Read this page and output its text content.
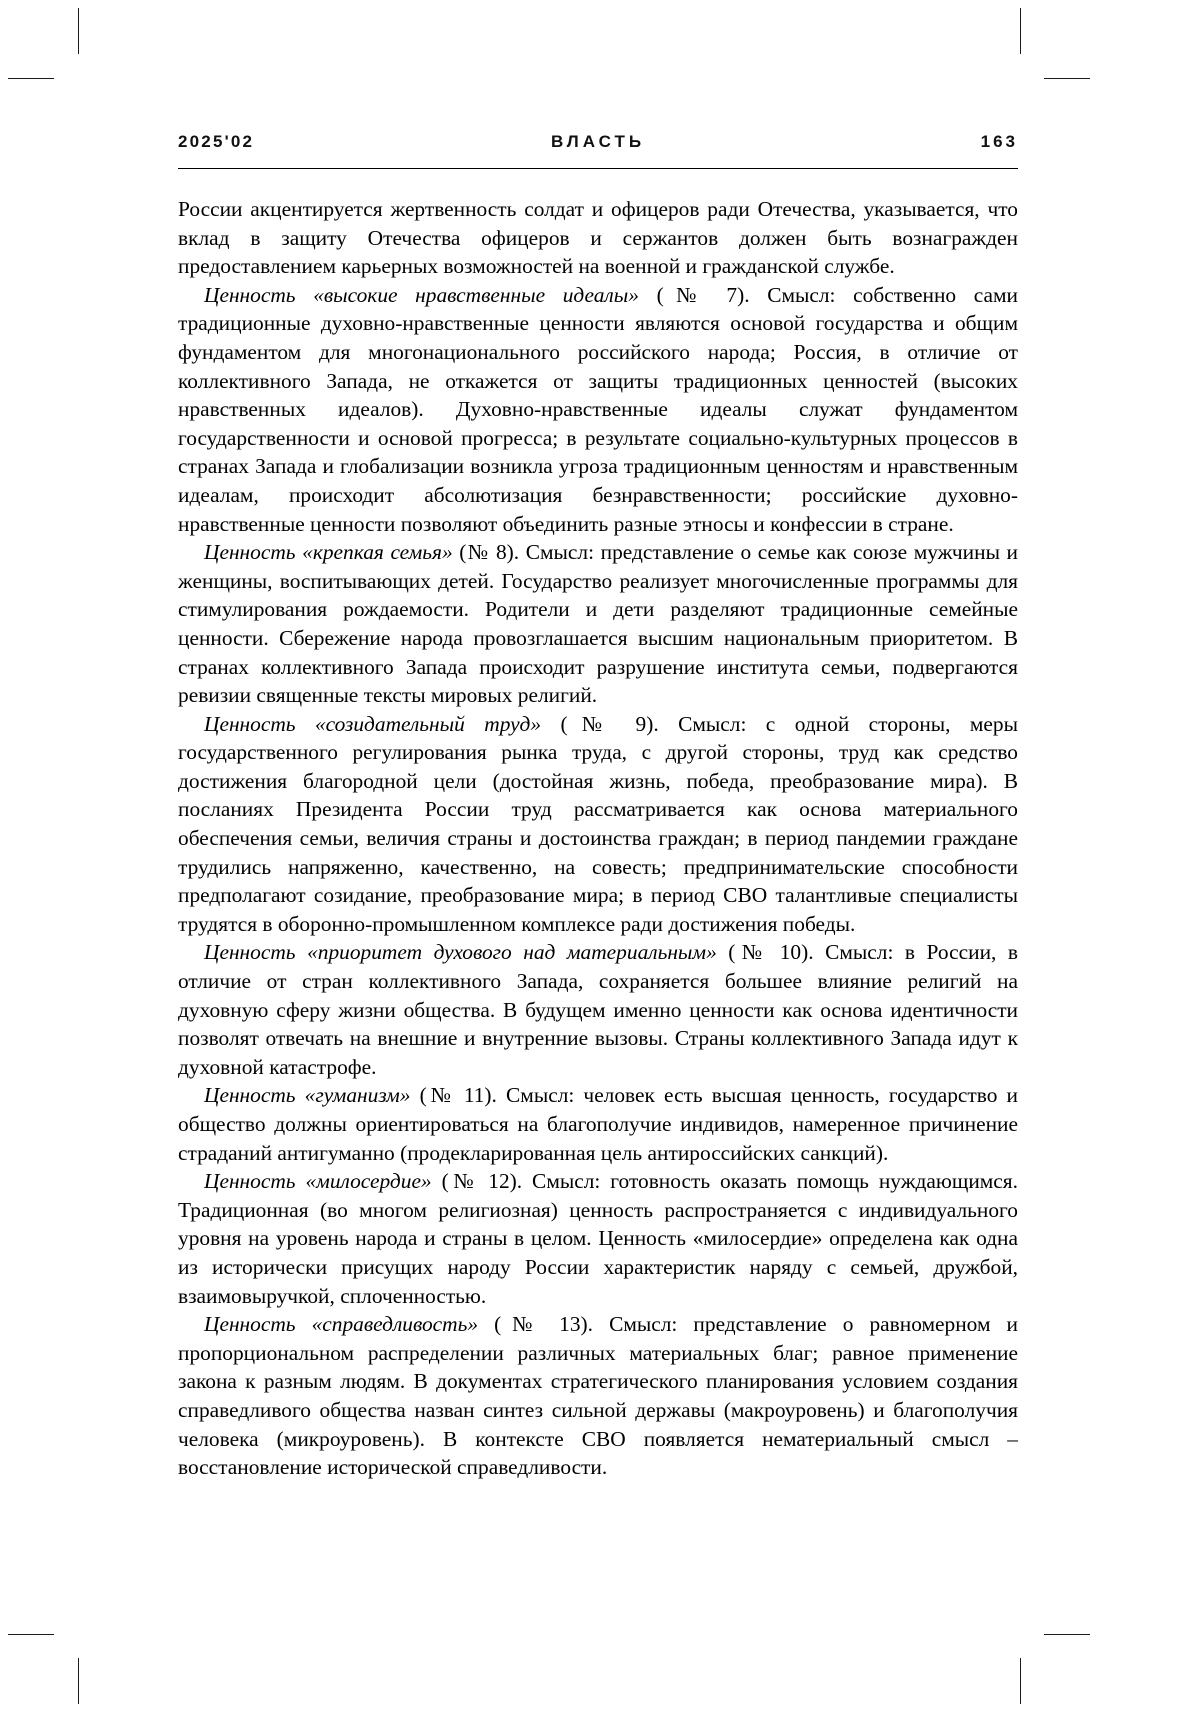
2025'02	ВЛАСТЬ	163

России акцентируется жертвенность солдат и офицеров ради Отечества, указывается, что вклад в защиту Отечества офицеров и сержантов должен быть вознагражден предоставлением карьерных возможностей на военной и гражданской службе.

Ценность «высокие нравственные идеалы» (№ 7). Смысл: собственно сами традиционные духовно-нравственные ценности являются основой государства и общим фундаментом для многонационального российского народа; Россия, в отличие от коллективного Запада, не откажется от защиты традиционных ценностей (высоких нравственных идеалов). Духовно-нравственные идеалы служат фундаментом государственности и основой прогресса; в результате социально-культурных процессов в странах Запада и глобализации возникла угроза традиционным ценностям и нравственным идеалам, происходит абсолютизация безнравственности; российские духовно-нравственные ценности позволяют объединить разные этносы и конфессии в стране.

Ценность «крепкая семья» (№ 8). Смысл: представление о семье как союзе мужчины и женщины, воспитывающих детей. Государство реализует многочисленные программы для стимулирования рождаемости. Родители и дети разделяют традиционные семейные ценности. Сбережение народа провозглашается высшим национальным приоритетом. В странах коллективного Запада происходит разрушение института семьи, подвергаются ревизии священные тексты мировых религий.

Ценность «созидательный труд» (№ 9). Смысл: с одной стороны, меры государственного регулирования рынка труда, с другой стороны, труд как средство достижения благородной цели (достойная жизнь, победа, преобразование мира). В посланиях Президента России труд рассматривается как основа материального обеспечения семьи, величия страны и достоинства граждан; в период пандемии граждане трудились напряженно, качественно, на совесть; предпринимательские способности предполагают созидание, преобразование мира; в период СВО талантливые специалисты трудятся в оборонно-промышленном комплексе ради достижения победы.

Ценность «приоритет духового над материальным» (№ 10). Смысл: в России, в отличие от стран коллективного Запада, сохраняется большее влияние религий на духовную сферу жизни общества. В будущем именно ценности как основа идентичности позволят отвечать на внешние и внутренние вызовы. Страны коллективного Запада идут к духовной катастрофе.

Ценность «гуманизм» (№ 11). Смысл: человек есть высшая ценность, государство и общество должны ориентироваться на благополучие индивидов, намеренное причинение страданий антигуманно (продекларированная цель антироссийских санкций).

Ценность «милосердие» (№ 12). Смысл: готовность оказать помощь нуждающимся. Традиционная (во многом религиозная) ценность распространяется с индивидуального уровня на уровень народа и страны в целом. Ценность «милосердие» определена как одна из исторически присущих народу России характеристик наряду с семьей, дружбой, взаимовыручкой, сплоченностью.

Ценность «справедливость» (№ 13). Смысл: представление о равномерном и пропорциональном распределении различных материальных благ; равное применение закона к разным людям. В документах стратегического планирования условием создания справедливого общества назван синтез сильной державы (макроуровень) и благополучия человека (микроуровень). В контексте СВО появляется нематериальный смысл – восстановление исторической справедливости.
